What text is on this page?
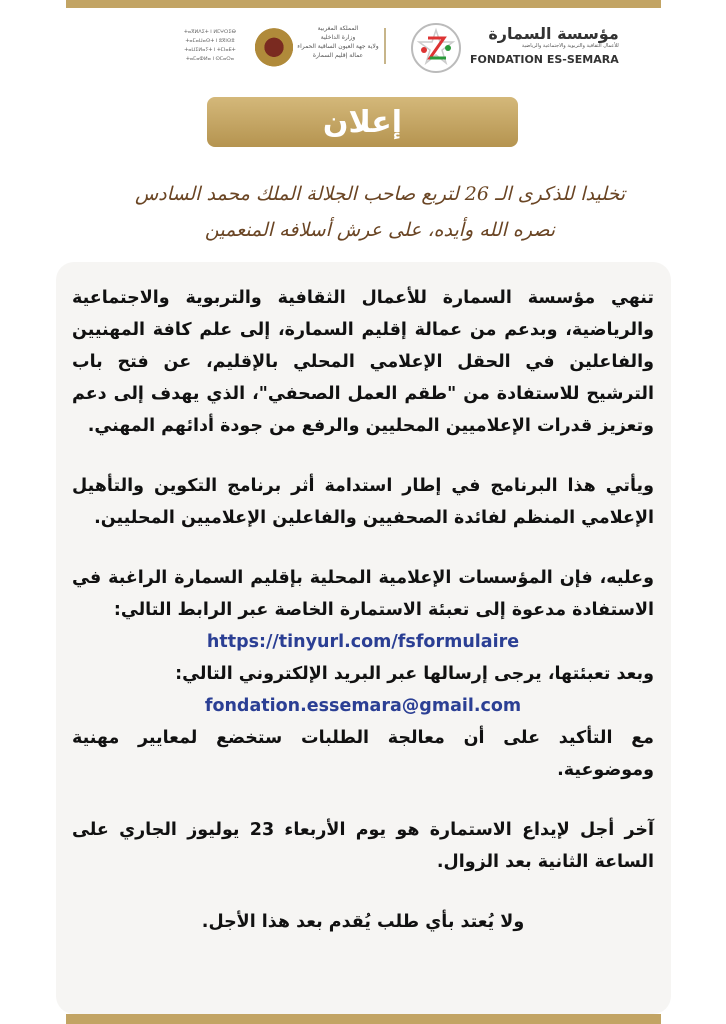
ⵜⴰⴳⵍⴷⵉⵜ ⵏ ⵍⵎⵖⵔⵉⴱ
ⵜⴰⵎⴰⵡⴰⵙⵜ ⵏ ⵓⴳⵏⵙⵓ
ⵜⴰⵡⵉⵍⴰⵢⵜ ⵏ ⵜⵎⵏⴰⴹⵜ
ⵜⴰⵎⴰⵀⵍⴰ ⵏ ⵙⵎⴰⵔⴰ
المملكة المغربية
وزارة الداخلية
ولاية جهة العيون الساقية الحمراء
عمالة إقليم السمارة
مؤسسة السمارة
للأعمال الثقافية والتربوية والاجتماعية والرياضية
FONDATION ES-SEMARA
إعلان
تخليدا للذكرى الـ 26 لتربع صاحب الجلالة الملك محمد السادس
نصره الله وأيده، على عرش أسلافه المنعمين

تنهي مؤسسة السمارة للأعمال الثقافية والتربوية والاجتماعية والرياضية، وبدعم من عمالة إقليم السمارة، إلى علم كافة المهنيين والفاعلين في الحقل الإعلامي المحلي بالإقليم، عن فتح باب الترشيح للاستفادة من "طقم العمل الصحفي"، الذي يهدف إلى دعم وتعزيز قدرات الإعلاميين المحليين والرفع من جودة أدائهم المهني.

ويأتي هذا البرنامج في إطار استدامة أثر برنامج التكوين والتأهيل الإعلامي المنظم لفائدة الصحفيين والفاعلين الإعلاميين المحليين.

وعليه، فإن المؤسسات الإعلامية المحلية بإقليم السمارة الراغبة في الاستفادة مدعوة إلى تعبئة الاستمارة الخاصة عبر الرابط التالي:

https://tinyurl.com/fsformulaire

وبعد تعبئتها، يرجى إرسالها عبر البريد الإلكتروني التالي:

fondation.essemara@gmail.com

مع التأكيد على أن معالجة الطلبات ستخضع لمعايير مهنية وموضوعية.

آخر أجل لإيداع الاستمارة هو يوم الأربعاء 23 يوليوز الجاري على الساعة الثانية بعد الزوال.

ولا يُعتد بأي طلب يُقدم بعد هذا الأجل.
